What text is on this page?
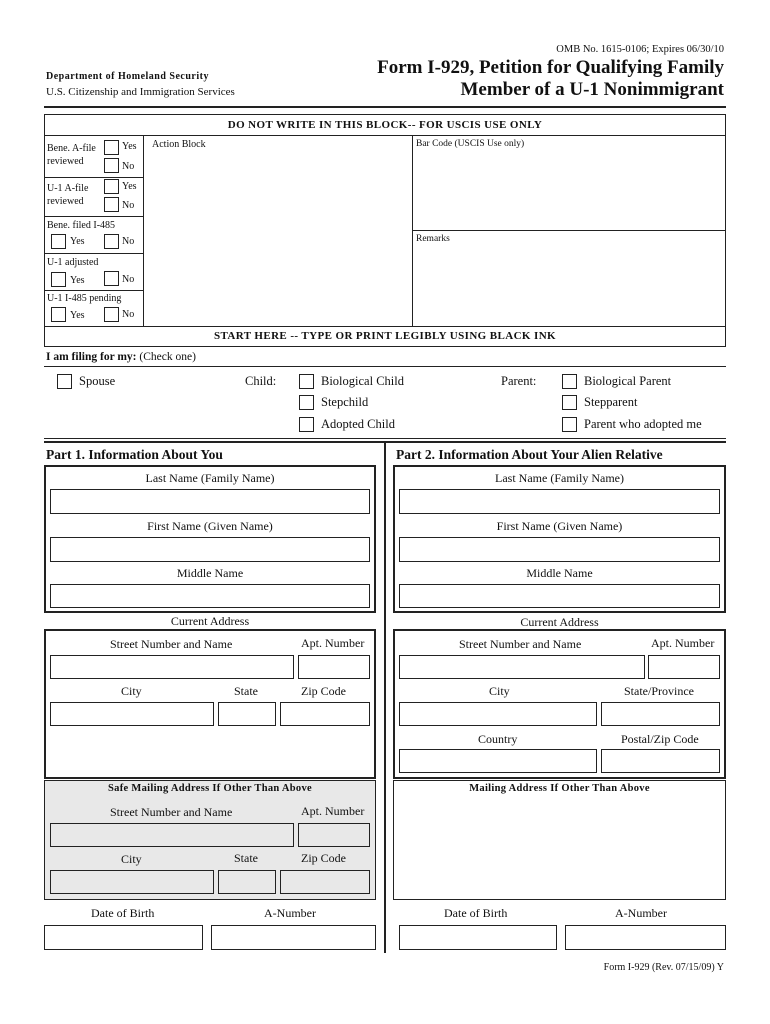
OMB No. 1615-0106; Expires 06/30/10
Department of Homeland Security
U.S. Citizenship and Immigration Services
Form I-929, Petition for Qualifying Family
Member of a U-1 Nonimmigrant
DO NOT WRITE IN THIS BLOCK-- FOR USCIS USE ONLY
Bene. A-file reviewed
Yes
No
U-1 A-file reviewed
Yes
No
Bene. filed I-485
Yes	No
U-1 adjusted
Yes	No
U-1 I-485 pending
Yes	No
Action Block	Bar Code (USCIS Use only)
Remarks
START HERE -- TYPE OR PRINT LEGIBLY USING BLACK INK
I am filing for my: (Check one)
Spouse	Child:	Biological Child
Stepchild
Adopted Child
Parent:	Biological Parent
Stepparent
Parent who adopted me
Part 1. Information About You
Last Name (Family Name)
First Name (Given Name)
Middle Name
Current Address
Street Number and Name	Apt. Number
City	State	Zip Code
Safe Mailing Address If Other Than Above
Street Number and Name	Apt. Number
City	State	Zip Code
Date of Birth	A-Number
Part 2. Information About Your Alien Relative
Last Name (Family Name)
First Name (Given Name)
Middle Name
Current Address
Street Number and Name	Apt. Number
City	State/Province
Country	Postal/Zip Code
Mailing Address If Other Than Above
Date of Birth	A-Number
Form I-929 (Rev. 07/15/09) Y
